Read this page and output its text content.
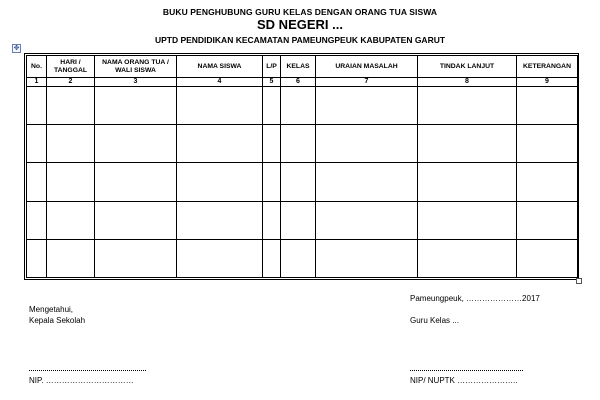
BUKU PENGHUBUNG GURU KELAS DENGAN ORANG TUA SISWA
SD NEGERI ...
UPTD PENDIDIKAN KECAMATAN PAMEUNGPEUK KABUPATEN GARUT
✥
No.	HARI / TANGGAL	NAMA ORANG TUA / WALI SISWA	NAMA SISWA	L/P	KELAS	URAIAN MASALAH	TINDAK LANJUT	KETERANGAN
1	2	3	4	5	6	7	8	9

Mengetahui,
Kepala Sekolah
NIP. ……………………………
Pameungpeuk, …………………2017
Guru Kelas ...
NIP/ NUPTK …………………..
